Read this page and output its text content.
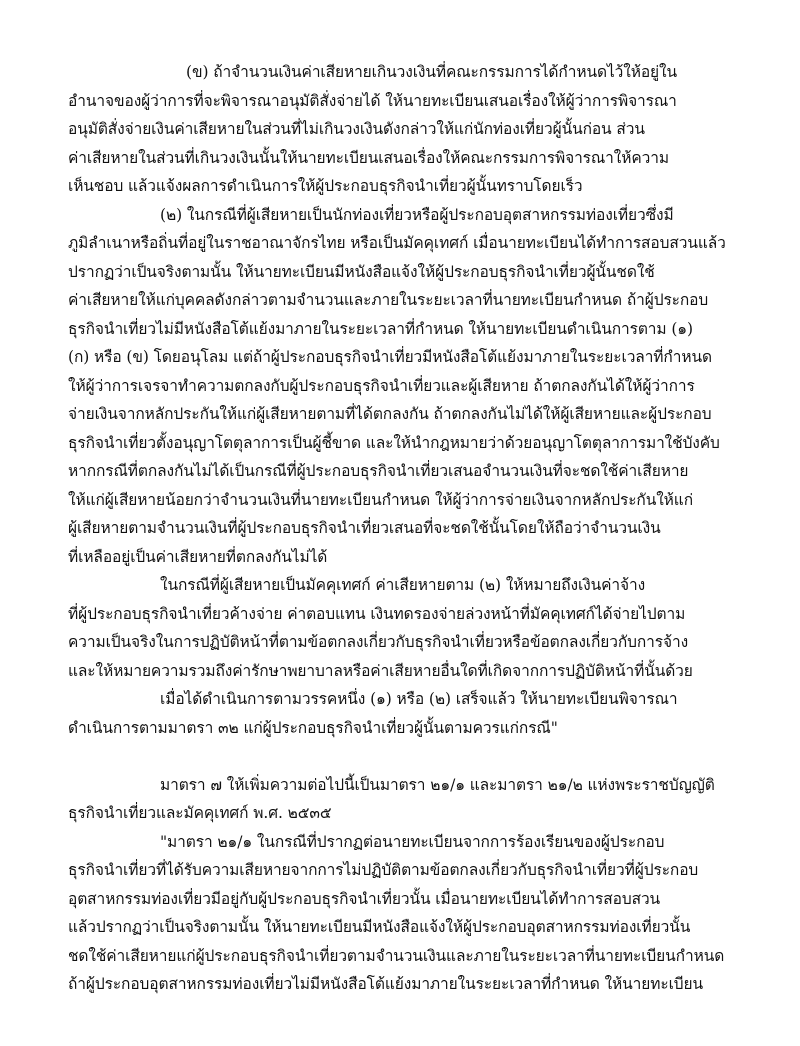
(ข) ถ้าจำนวนเงินค่าเสียหายเกินวงเงินที่คณะกรรมการได้กำหนดไว้ให้อยู่ใน
อำนาจของผู้ว่าการที่จะพิจารณาอนุมัติสั่งจ่ายได้ ให้นายทะเบียนเสนอเรื่องให้ผู้ว่าการพิจารณา
อนุมัติสั่งจ่ายเงินค่าเสียหายในส่วนที่ไม่เกินวงเงินดังกล่าวให้แก่นักท่องเที่ยวผู้นั้นก่อน ส่วน
ค่าเสียหายในส่วนที่เกินวงเงินนั้นให้นายทะเบียนเสนอเรื่องให้คณะกรรมการพิจารณาให้ความ
เห็นชอบ แล้วแจ้งผลการดำเนินการให้ผู้ประกอบธุรกิจนำเที่ยวผู้นั้นทราบโดยเร็ว
(๒) ในกรณีที่ผู้เสียหายเป็นนักท่องเที่ยวหรือผู้ประกอบอุตสาหกรรมท่องเที่ยวซึ่งมี
ภูมิลำเนาหรือถิ่นที่อยู่ในราชอาณาจักรไทย หรือเป็นมัคคุเทศก์ เมื่อนายทะเบียนได้ทำการสอบสวนแล้ว
ปรากฏว่าเป็นจริงตามนั้น ให้นายทะเบียนมีหนังสือแจ้งให้ผู้ประกอบธุรกิจนำเที่ยวผู้นั้นชดใช้
ค่าเสียหายให้แก่บุคคลดังกล่าวตามจำนวนและภายในระยะเวลาที่นายทะเบียนกำหนด ถ้าผู้ประกอบ
ธุรกิจนำเที่ยวไม่มีหนังสือโต้แย้งมาภายในระยะเวลาที่กำหนด ให้นายทะเบียนดำเนินการตาม (๑)
(ก) หรือ (ข) โดยอนุโลม แต่ถ้าผู้ประกอบธุรกิจนำเที่ยวมีหนังสือโต้แย้งมาภายในระยะเวลาที่กำหนด
ให้ผู้ว่าการเจรจาทำความตกลงกับผู้ประกอบธุรกิจนำเที่ยวและผู้เสียหาย ถ้าตกลงกันได้ให้ผู้ว่าการ
จ่ายเงินจากหลักประกันให้แก่ผู้เสียหายตามที่ได้ตกลงกัน ถ้าตกลงกันไม่ได้ให้ผู้เสียหายและผู้ประกอบ
ธุรกิจนำเที่ยวตั้งอนุญาโตตุลาการเป็นผู้ชี้ขาด และให้นำกฎหมายว่าด้วยอนุญาโตตุลาการมาใช้บังคับ
หากกรณีที่ตกลงกันไม่ได้เป็นกรณีที่ผู้ประกอบธุรกิจนำเที่ยวเสนอจำนวนเงินที่จะชดใช้ค่าเสียหาย
ให้แก่ผู้เสียหายน้อยกว่าจำนวนเงินที่นายทะเบียนกำหนด ให้ผู้ว่าการจ่ายเงินจากหลักประกันให้แก่
ผู้เสียหายตามจำนวนเงินที่ผู้ประกอบธุรกิจนำเที่ยวเสนอที่จะชดใช้นั้นโดยให้ถือว่าจำนวนเงิน
ที่เหลืออยู่เป็นค่าเสียหายที่ตกลงกันไม่ได้
ในกรณีที่ผู้เสียหายเป็นมัคคุเทศก์ ค่าเสียหายตาม (๒) ให้หมายถึงเงินค่าจ้าง
ที่ผู้ประกอบธุรกิจนำเที่ยวค้างจ่าย ค่าตอบแทน เงินทดรองจ่ายล่วงหน้าที่มัคคุเทศก์ได้จ่ายไปตาม
ความเป็นจริงในการปฏิบัติหน้าที่ตามข้อตกลงเกี่ยวกับธุรกิจนำเที่ยวหรือข้อตกลงเกี่ยวกับการจ้าง
และให้หมายความรวมถึงค่ารักษาพยาบาลหรือค่าเสียหายอื่นใดที่เกิดจากการปฏิบัติหน้าที่นั้นด้วย
เมื่อได้ดำเนินการตามวรรคหนึ่ง (๑) หรือ (๒) เสร็จแล้ว ให้นายทะเบียนพิจารณา
ดำเนินการตามมาตรา ๓๒ แก่ผู้ประกอบธุรกิจนำเที่ยวผู้นั้นตามควรแก่กรณี"
มาตรา ๗ ให้เพิ่มความต่อไปนี้เป็นมาตรา ๒๑/๑ และมาตรา ๒๑/๒ แห่งพระราชบัญญัติ
ธุรกิจนำเที่ยวและมัคคุเทศก์ พ.ศ. ๒๕๓๕
"มาตรา ๒๑/๑ ในกรณีที่ปรากฏต่อนายทะเบียนจากการร้องเรียนของผู้ประกอบ
ธุรกิจนำเที่ยวที่ได้รับความเสียหายจากการไม่ปฏิบัติตามข้อตกลงเกี่ยวกับธุรกิจนำเที่ยวที่ผู้ประกอบ
อุตสาหกรรมท่องเที่ยวมีอยู่กับผู้ประกอบธุรกิจนำเที่ยวนั้น เมื่อนายทะเบียนได้ทำการสอบสวน
แล้วปรากฏว่าเป็นจริงตามนั้น ให้นายทะเบียนมีหนังสือแจ้งให้ผู้ประกอบอุตสาหกรรมท่องเที่ยวนั้น
ชดใช้ค่าเสียหายแก่ผู้ประกอบธุรกิจนำเที่ยวตามจำนวนเงินและภายในระยะเวลาที่นายทะเบียนกำหนด
ถ้าผู้ประกอบอุตสาหกรรมท่องเที่ยวไม่มีหนังสือโต้แย้งมาภายในระยะเวลาที่กำหนด ให้นายทะเบียน
